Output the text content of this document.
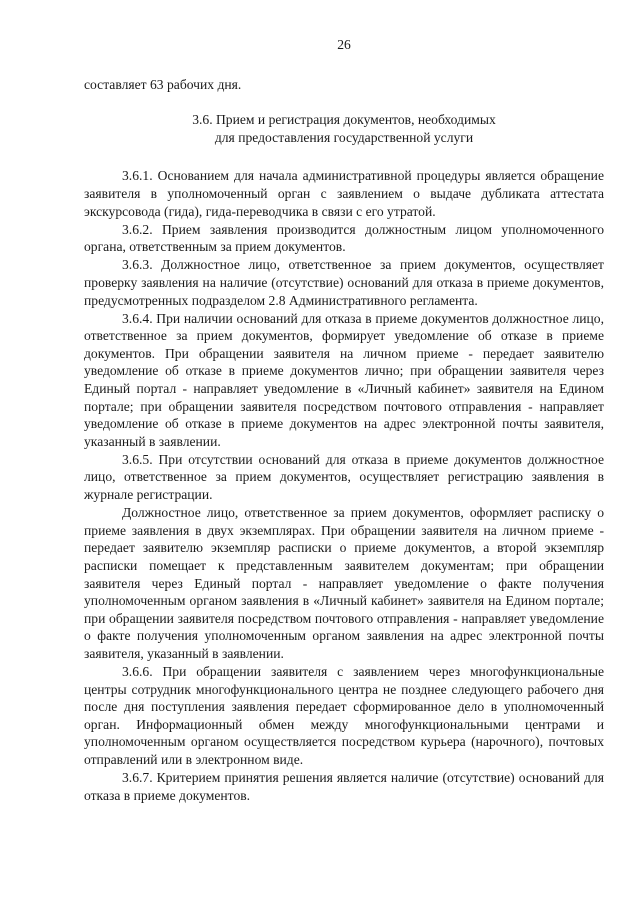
26
составляет 63 рабочих дня.
3.6. Прием и регистрация документов, необходимых
для предоставления государственной услуги

3.6.1. Основанием для начала административной процедуры является обращение заявителя в уполномоченный орган с заявлением о выдаче дубликата аттестата экскурсовода (гида), гида-переводчика в связи с его утратой.

3.6.2. Прием заявления производится должностным лицом уполномоченного органа, ответственным за прием документов.

3.6.3. Должностное лицо, ответственное за прием документов, осуществляет проверку заявления на наличие (отсутствие) оснований для отказа в приеме документов, предусмотренных подразделом 2.8 Административного регламента.

3.6.4. При наличии оснований для отказа в приеме документов должностное лицо, ответственное за прием документов, формирует уведомление об отказе в приеме документов. При обращении заявителя на личном приеме - передает заявителю уведомление об отказе в приеме документов лично; при обращении заявителя через Единый портал - направляет уведомление в «Личный кабинет» заявителя на Едином портале; при обращении заявителя посредством почтового отправления - направляет уведомление об отказе в приеме документов на адрес электронной почты заявителя, указанный в заявлении.

3.6.5. При отсутствии оснований для отказа в приеме документов должностное лицо, ответственное за прием документов, осуществляет регистрацию заявления в журнале регистрации.

Должностное лицо, ответственное за прием документов, оформляет расписку о приеме заявления в двух экземплярах. При обращении заявителя на личном приеме - передает заявителю экземпляр расписки о приеме документов, а второй экземпляр расписки помещает к представленным заявителем документам; при обращении заявителя через Единый портал - направляет уведомление о факте получения уполномоченным органом заявления в «Личный кабинет» заявителя на Едином портале; при обращении заявителя посредством почтового отправления - направляет уведомление о факте получения уполномоченным органом заявления на адрес электронной почты заявителя, указанный в заявлении.

3.6.6. При обращении заявителя с заявлением через многофункциональные центры сотрудник многофункционального центра не позднее следующего рабочего дня после дня поступления заявления передает сформированное дело в уполномоченный орган. Информационный обмен между многофункциональными центрами и уполномоченным органом осуществляется посредством курьера (нарочного), почтовых отправлений или в электронном виде.

3.6.7. Критерием принятия решения является наличие (отсутствие) оснований для отказа в приеме документов.
